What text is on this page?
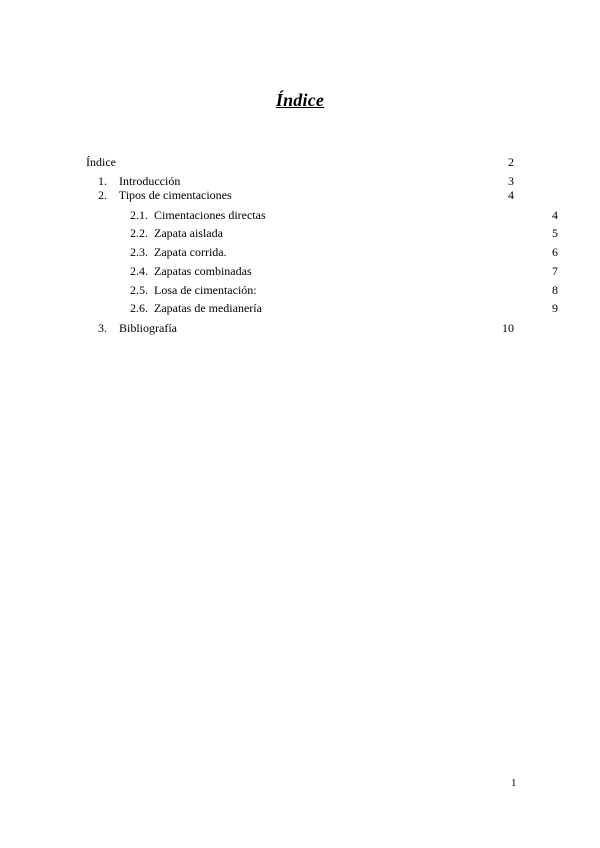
Índice
Índice	2
1. Introducción	3
2. Tipos de cimentaciones	4
2.1.  Cimentaciones directas	4
2.2.  Zapata aislada	5
2.3.  Zapata corrida.	6
2.4.  Zapatas combinadas	7
2.5.  Losa de cimentación:	8
2.6.  Zapatas de medianería	9
3. Bibliografía	10
1
